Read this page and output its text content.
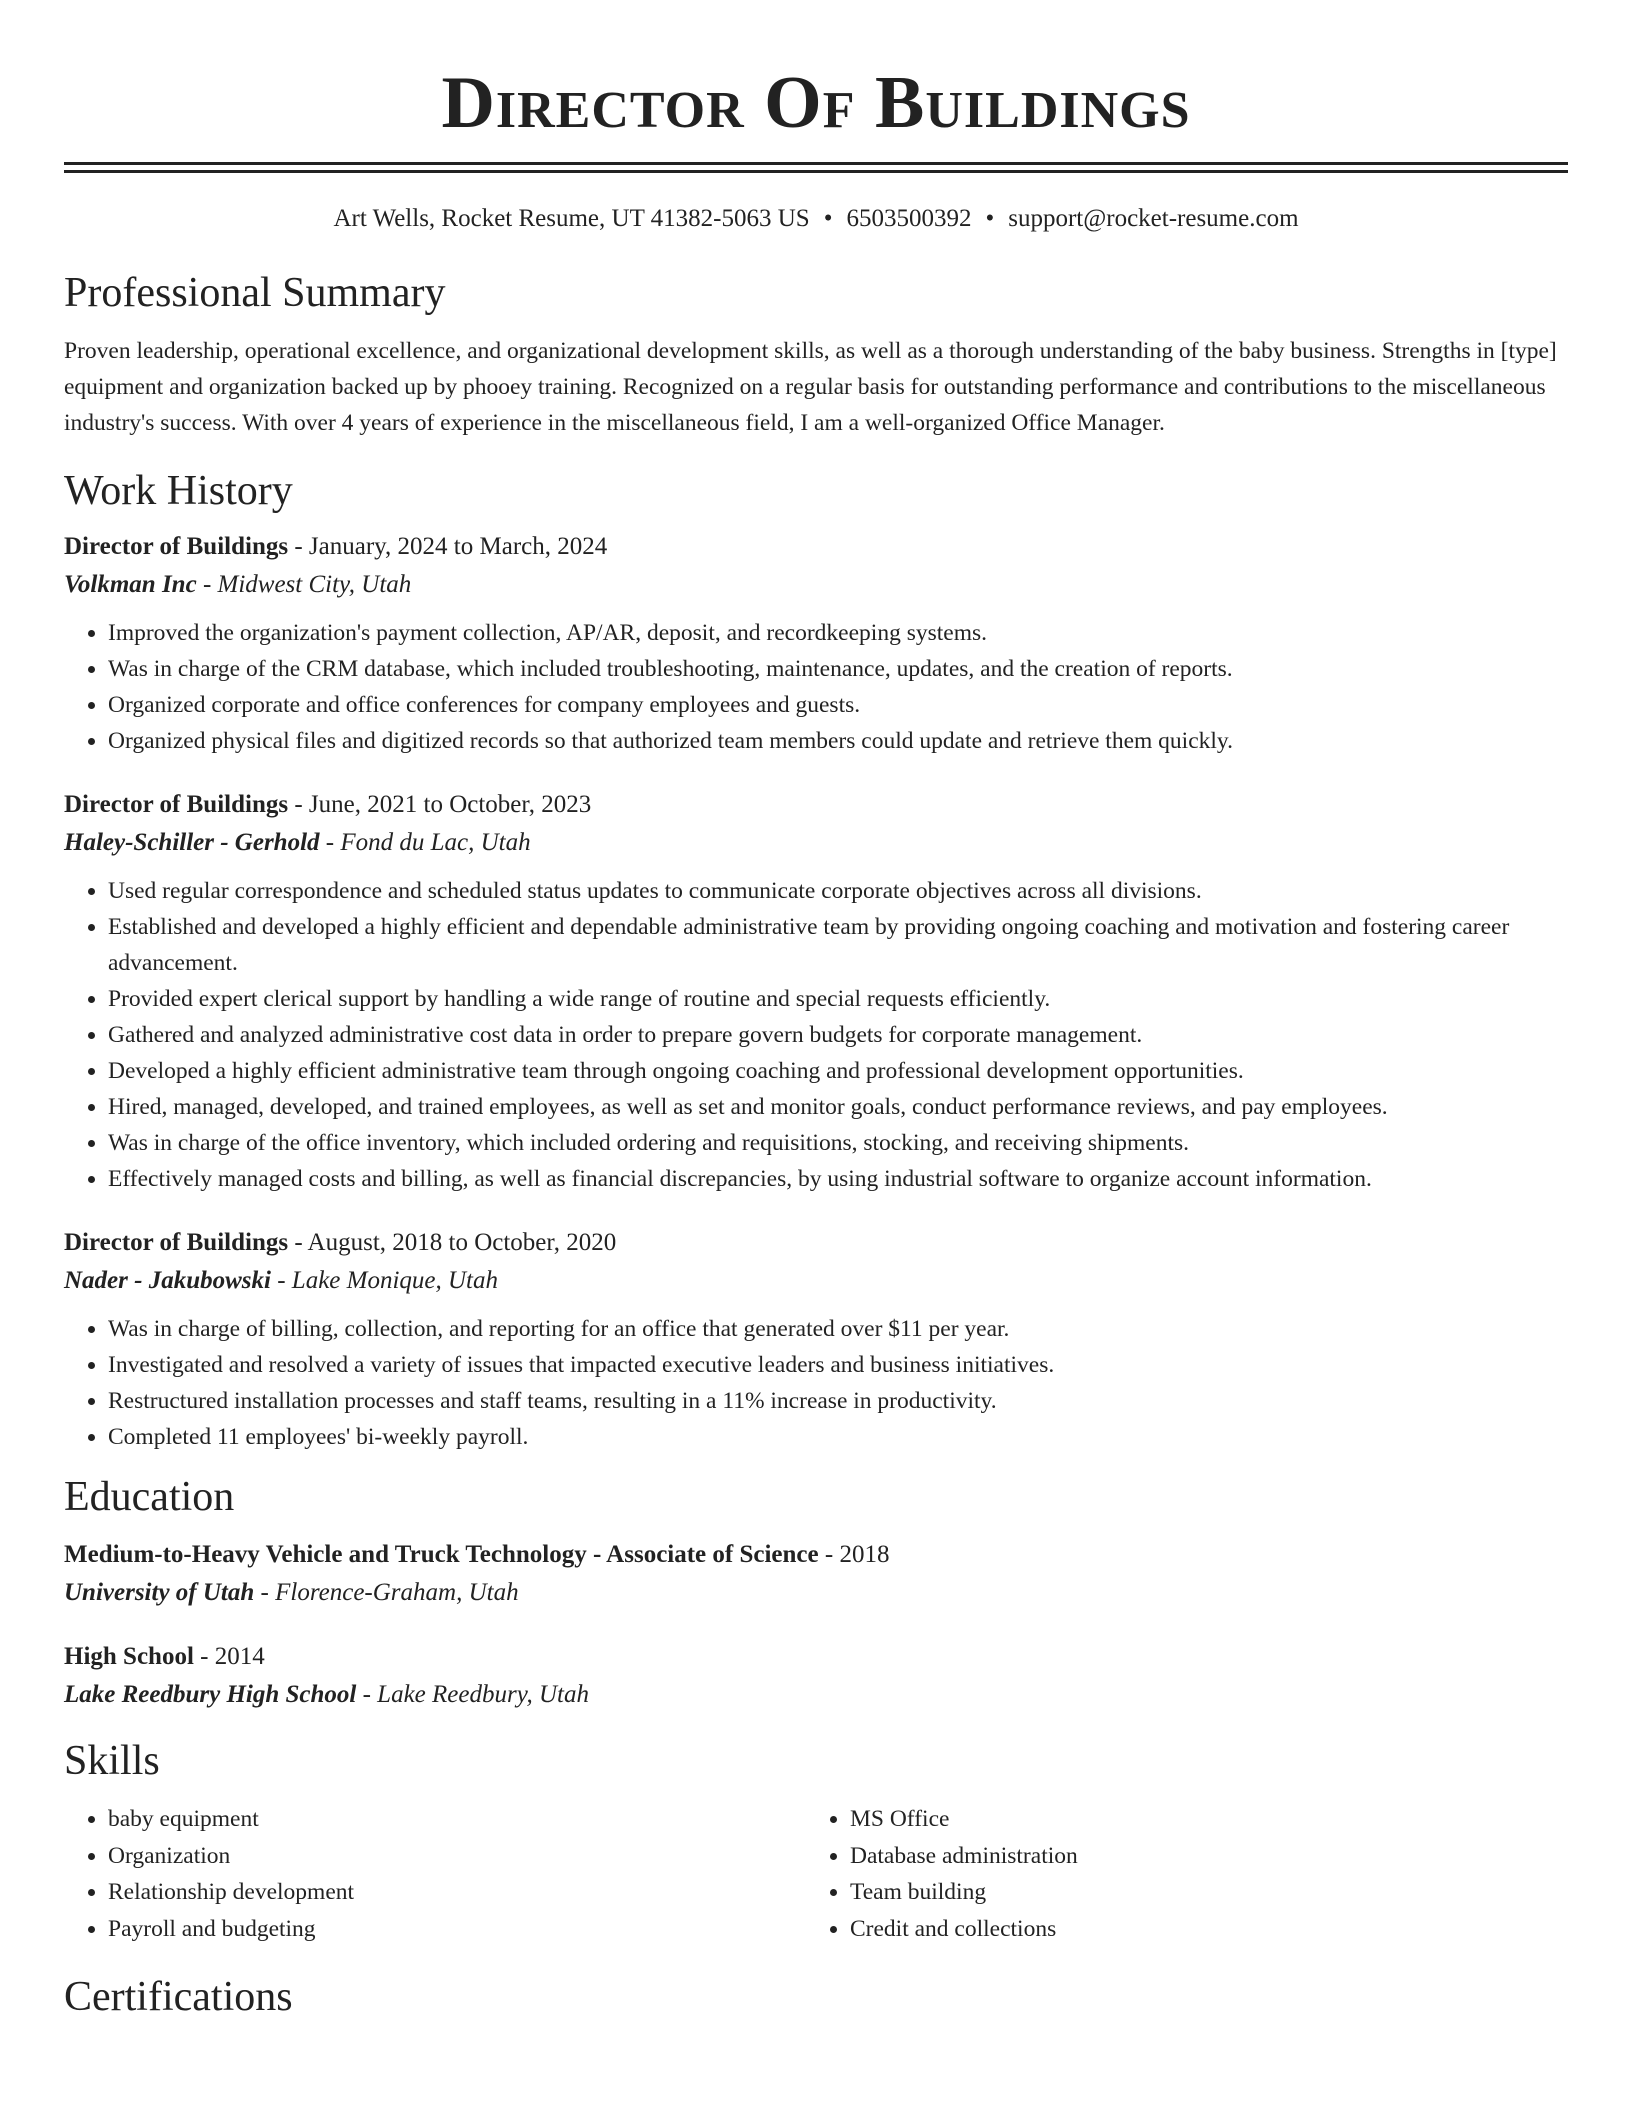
Director Of Buildings
Art Wells, Rocket Resume, UT 41382-5063 US • 6503500392 • support@rocket-resume.com
Professional Summary
Proven leadership, operational excellence, and organizational development skills, as well as a thorough understanding of the baby business. Strengths in [type] equipment and organization backed up by phooey training. Recognized on a regular basis for outstanding performance and contributions to the miscellaneous industry's success. With over 4 years of experience in the miscellaneous field, I am a well-organized Office Manager.
Work History
Director of Buildings - January, 2024 to March, 2024
Volkman Inc - Midwest City, Utah
• Improved the organization's payment collection, AP/AR, deposit, and recordkeeping systems.
• Was in charge of the CRM database, which included troubleshooting, maintenance, updates, and the creation of reports.
• Organized corporate and office conferences for company employees and guests.
• Organized physical files and digitized records so that authorized team members could update and retrieve them quickly.
Director of Buildings - June, 2021 to October, 2023
Haley-Schiller - Gerhold - Fond du Lac, Utah
• Used regular correspondence and scheduled status updates to communicate corporate objectives across all divisions.
• Established and developed a highly efficient and dependable administrative team by providing ongoing coaching and motivation and fostering career advancement.
• Provided expert clerical support by handling a wide range of routine and special requests efficiently.
• Gathered and analyzed administrative cost data in order to prepare govern budgets for corporate management.
• Developed a highly efficient administrative team through ongoing coaching and professional development opportunities.
• Hired, managed, developed, and trained employees, as well as set and monitor goals, conduct performance reviews, and pay employees.
• Was in charge of the office inventory, which included ordering and requisitions, stocking, and receiving shipments.
• Effectively managed costs and billing, as well as financial discrepancies, by using industrial software to organize account information.
Director of Buildings - August, 2018 to October, 2020
Nader - Jakubowski - Lake Monique, Utah
• Was in charge of billing, collection, and reporting for an office that generated over $11 per year.
• Investigated and resolved a variety of issues that impacted executive leaders and business initiatives.
• Restructured installation processes and staff teams, resulting in a 11% increase in productivity.
• Completed 11 employees' bi-weekly payroll.
Education
Medium-to-Heavy Vehicle and Truck Technology - Associate of Science - 2018
University of Utah - Florence-Graham, Utah
High School - 2014
Lake Reedbury High School - Lake Reedbury, Utah
Skills
• baby equipment
• Organization
• Relationship development
• Payroll and budgeting
• MS Office
• Database administration
• Team building
• Credit and collections
Certifications
